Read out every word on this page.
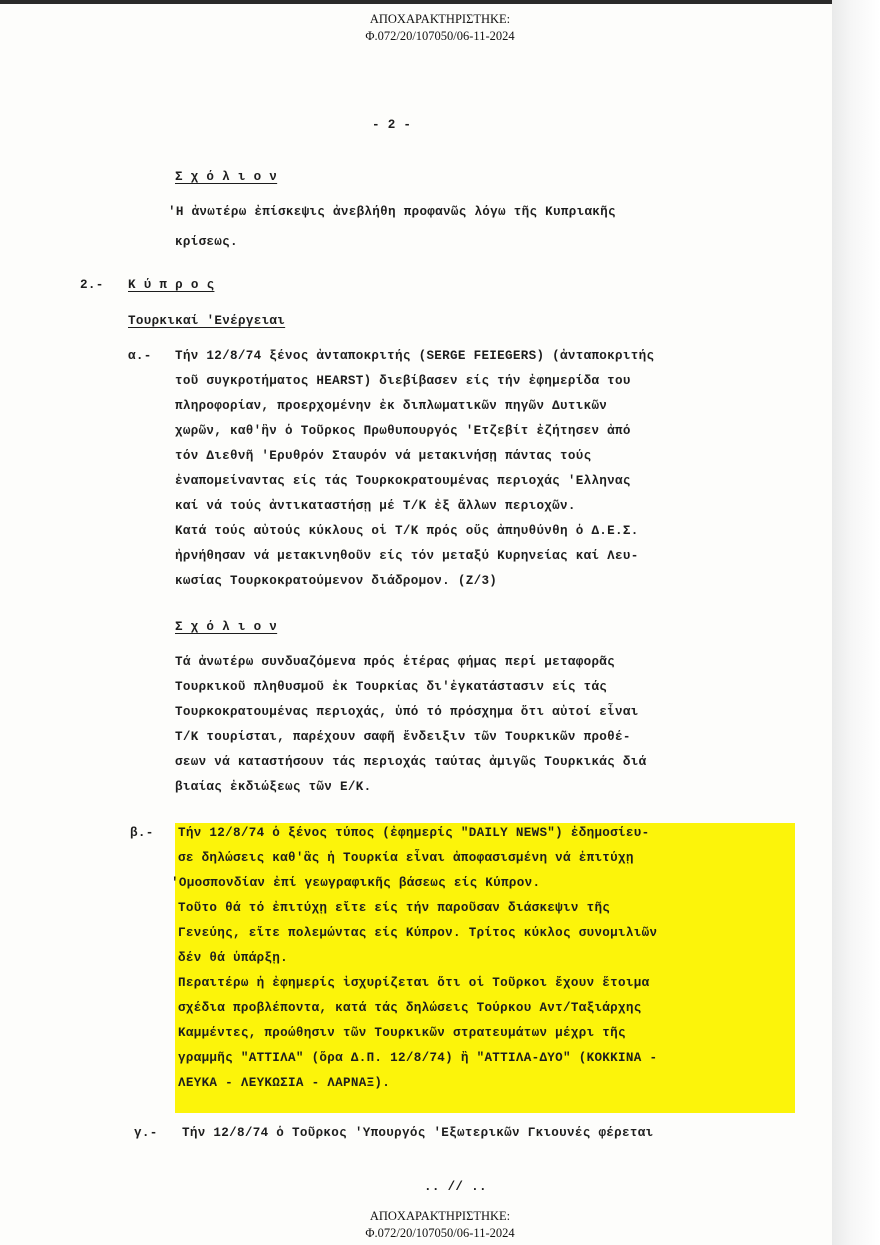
ΑΠΟΧΑΡΑΚΤΗΡΙΣΤΗΚΕ:
Φ.072/20/107050/06-11-2024
- 2 -
Σ χ ό λ ι ο ν
'Η ἀνωτέρω ἐπίσκεψις ἀνεβλήθη προφανῶς λόγω τῆς Κυπριακῆς
κρίσεως.
2.- Κ ύ π ρ ο ς
Τουρκικαί 'Ενέργειαι
α.- Τήν 12/8/74 ξένος ἀνταποκριτής (SERGE FEIEGERS) (ἀνταποκριτής
τοῦ συγκροτήματος HEARST) διεβίβασεν είς τήν ἐφημερίδα του
πληροφορίαν, προερχομένην ἐκ διπλωματικῶν πηγῶν Δυτικῶν
χωρῶν, καθ'ἣν ὁ Τοῦρκος Πρωθυπουργός 'Ετζεβίτ ἐζήτησεν ἀπό
τόν Διεθνῆ 'Ερυθρόν Σταυρόν νά μετακινήσῃ πάντας τούς
ἐναπομείναντας είς τάς Τουρκοκρατουμένας περιοχάς 'Ελληνας
καί νά τούς ἀντικαταστήσῃ μέ Τ/Κ ἐξ ἄλλων περιοχῶν.
Κατά τούς αὐτούς κύκλους οἱ Τ/Κ πρός οὕς ἀπηυθύνθη ὁ Δ.Ε.Σ.
ἠρνήθησαν νά μετακινηθοῦν είς τόν μεταξύ Κυρηνείας καί Λευ-
κωσίας Τουρκοκρατούμενον διάδρομον. (Ζ/3)
Σ χ ό λ ι ο ν
Τά ἀνωτέρω συνδυαζόμενα πρός ἑτέρας φήμας περί μεταφορᾶς
Τουρκικοῦ πληθυσμοῦ ἐκ Τουρκίας δι'ἐγκατάστασιν είς τάς
Τουρκοκρατουμένας περιοχάς, ὑπό τό πρόσχημα ὅτι αὐτοί εἶναι
Τ/Κ τουρίσται, παρέχουν σαφῆ ἔνδειξιν τῶν Τουρκικῶν προθέ-
σεων νά καταστήσουν τάς περιοχάς ταύτας ἀμιγῶς Τουρκικάς διά
βιαίας ἐκδιώξεως τῶν Ε/Κ.
β.- Τήν 12/8/74 ὁ ξένος τύπος (ἐφημερίς "DAILY NEWS") ἐδημοσίευ-
σε δηλώσεις καθ'ἃς ἡ Τουρκία εἶναι ἀποφασισμένη νά ἐπιτύχῃ
'Ομοσπονδίαν ἐπί γεωγραφικῆς βάσεως είς Κύπρον.
Τοῦτο θά τό ἐπιτύχῃ εἴτε είς τήν παροῦσαν διάσκεψιν τῆς
Γενεύης, εἴτε πολεμώντας είς Κύπρον. Τρίτος κύκλος συνομιλιῶν
δέν θά ὑπάρξῃ.
Περαιτέρω ἡ ἐφημερίς ἰσχυρίζεται ὅτι οἱ Τοῦρκοι ἔχουν ἕτοιμα
σχέδια προβλέποντα, κατά τάς δηλώσεις Τούρκου Αντ/Ταξιάρχης
Καμμέντες, προώθησιν τῶν Τουρκικῶν στρατευμάτων μέχρι τῆς
γραμμῆς "ΑΤΤΙΛΑ" (ὅρα Δ.Π. 12/8/74) ἢ "ΑΤΤΙΛΑ-ΔΥΟ" (ΚΟΚΚΙΝΑ -
ΛΕΥΚΑ - ΛΕΥΚΩΣΙΑ - ΛΑΡΝΑΞ).
γ.- Τήν 12/8/74 ὁ Τοῦρκος 'Υπουργός 'Εξωτερικῶν Γκιουνές φέρεται
.. // ..
ΑΠΟΧΑΡΑΚΤΗΡΙΣΤΗΚΕ:
Φ.072/20/107050/06-11-2024
